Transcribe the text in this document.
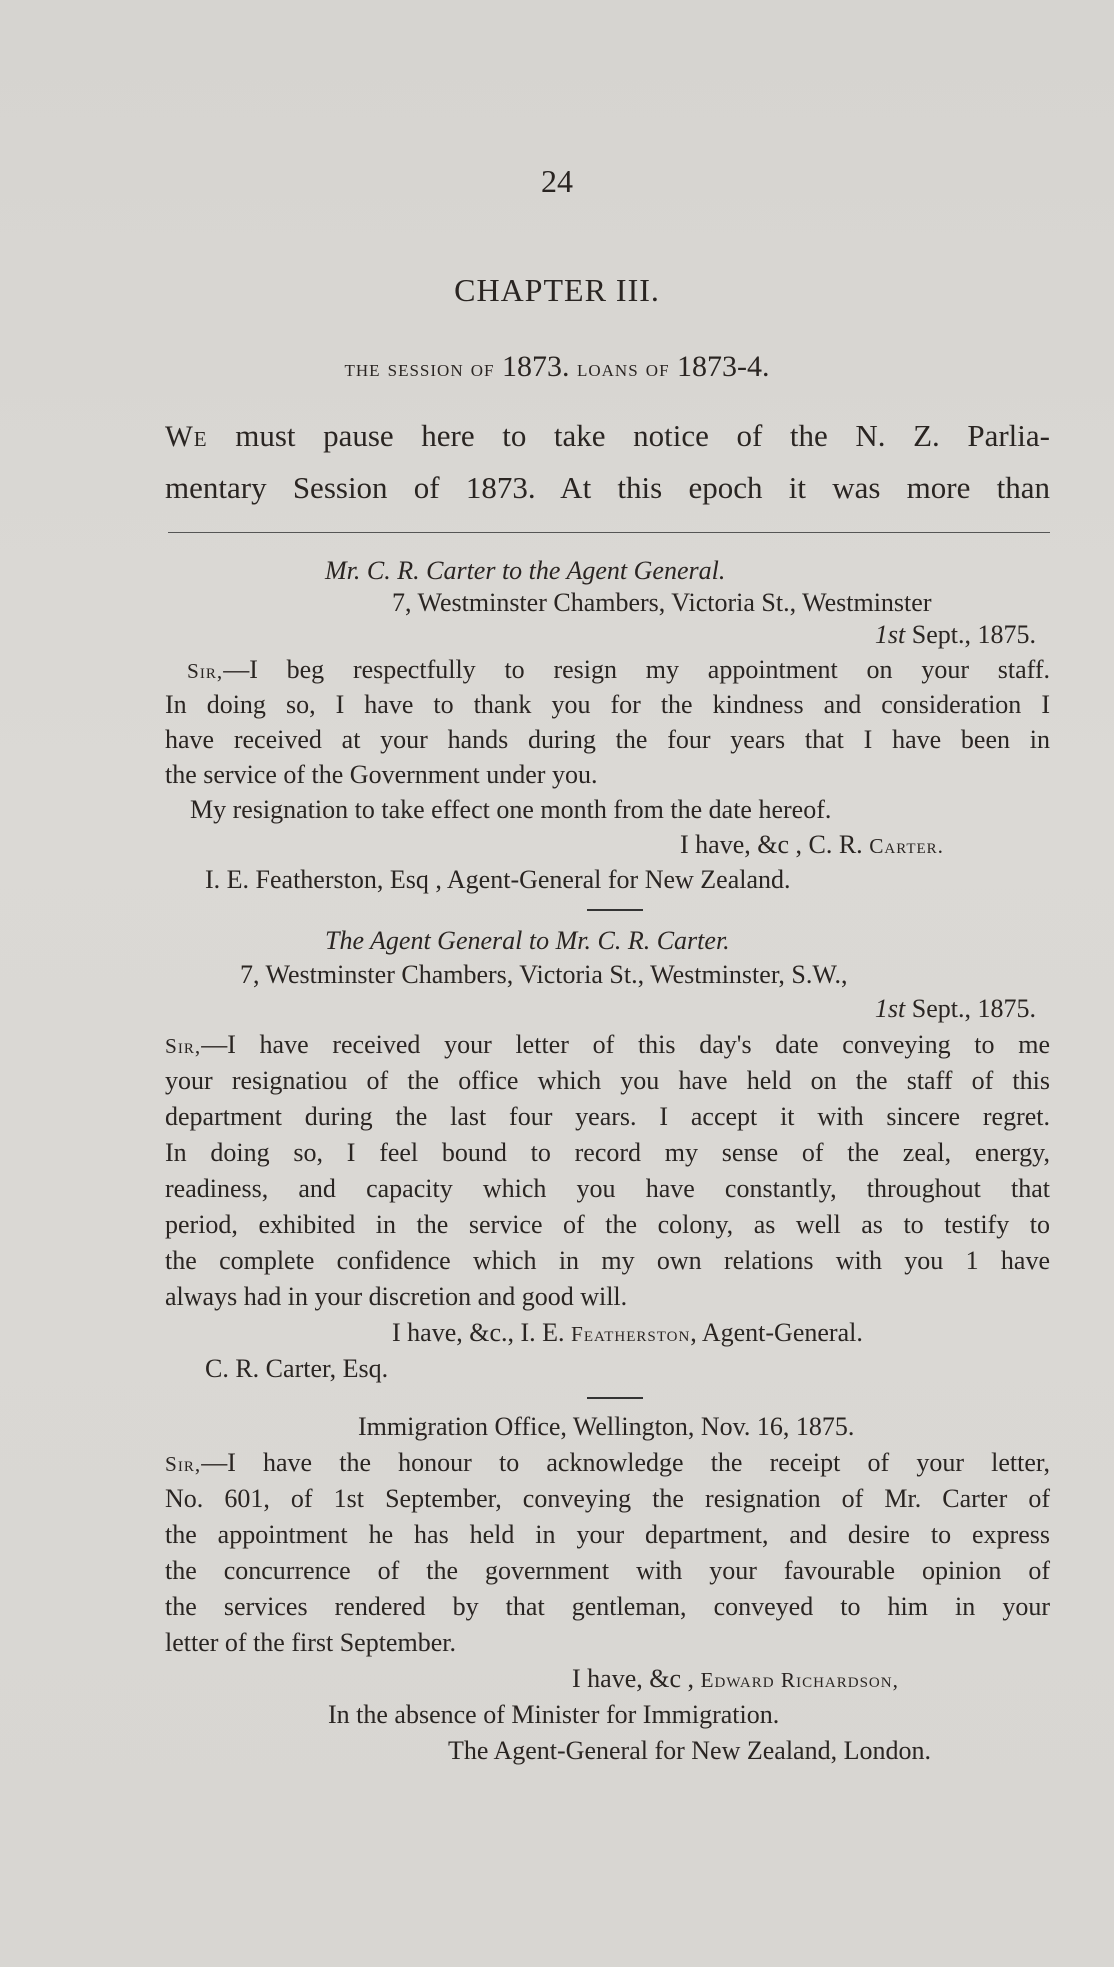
24
CHAPTER III.
the session of 1873. loans of 1873-4.
We must pause here to take notice of the N. Z. Parlia-
mentary Session of 1873. At this epoch it was more than
Mr. C. R. Carter to the Agent General.
7, Westminster Chambers, Victoria St., Westminster
1st Sept., 1875.
Sir,—I beg respectfully to resign my appointment on your staff.
In doing so, I have to thank you for the kindness and consideration I
have received at your hands during the four years that I have been in
the service of the Government under you.
My resignation to take effect one month from the date hereof.
I have, &c , C. R. Carter.
I. E. Featherston, Esq , Agent-General for New Zealand.
The Agent General to Mr. C. R. Carter.
7, Westminster Chambers, Victoria St., Westminster, S.W.,
1st Sept., 1875.
Sir,—I have received your letter of this day's date conveying to me
your resignatiou of the office which you have held on the staff of this
department during the last four years. I accept it with sincere regret.
In doing so, I feel bound to record my sense of the zeal, energy,
readiness, and capacity which you have constantly, throughout that
period, exhibited in the service of the colony, as well as to testify to
the complete confidence which in my own relations with you 1 have
always had in your discretion and good will.
I have, &c., I. E. Featherston, Agent-General.
C. R. Carter, Esq.
Immigration Office, Wellington, Nov. 16, 1875.
Sir,—I have the honour to acknowledge the receipt of your letter,
No. 601, of 1st September, conveying the resignation of Mr. Carter of
the appointment he has held in your department, and desire to express
the concurrence of the government with your favourable opinion of
the services rendered by that gentleman, conveyed to him in your
letter of the first September.
I have, &c , Edward Richardson,
In the absence of Minister for Immigration.
The Agent-General for New Zealand, London.
